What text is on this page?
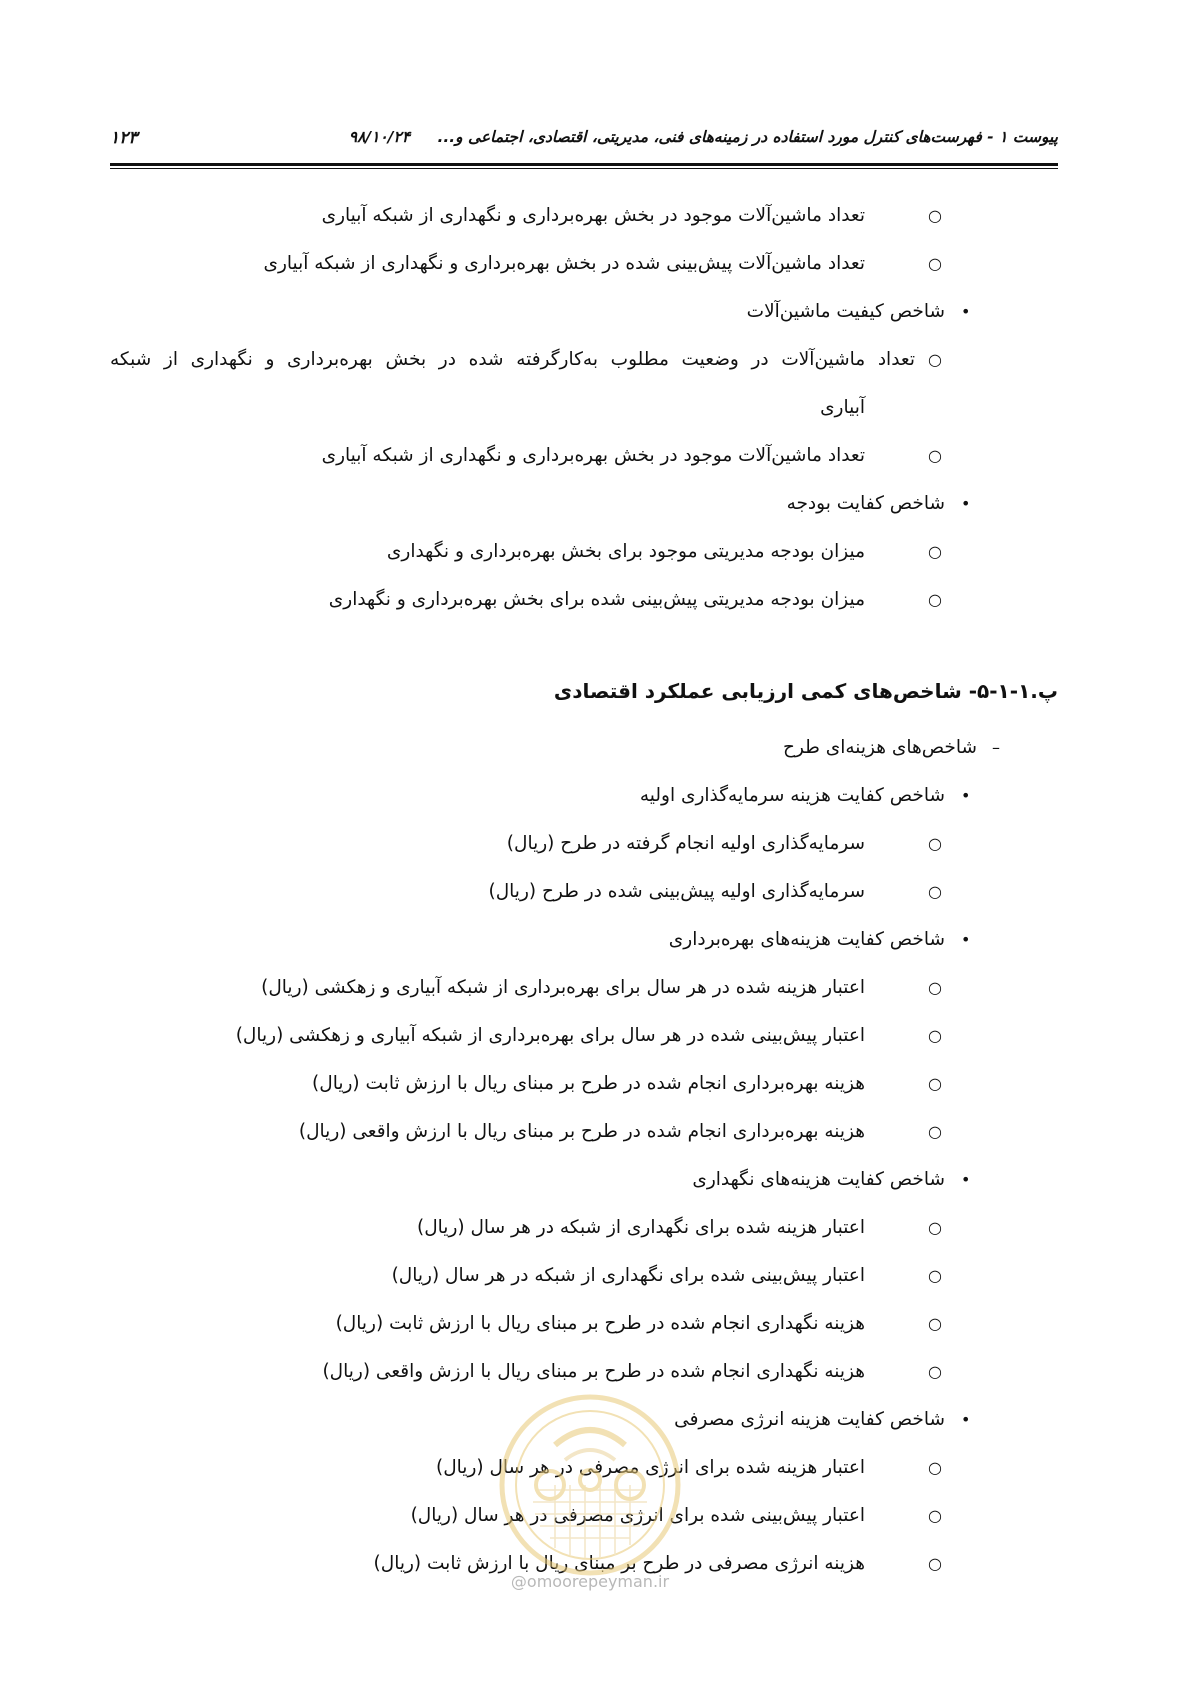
پیوست ۱ - فهرست‌های کنترل مورد استفاده در زمینه‌های فنی، مدیریتی، اقتصادی، اجتماعی و... ۹۸/۱۰/۲۴
۱۲۳
تعداد ماشین‌آلات موجود در بخش بهره‌برداری و نگهداری از شبکه آبیاری	○
تعداد ماشین‌آلات پیش‌بینی شده در بخش بهره‌برداری و نگهداری از شبکه آبیاری	○
شاخص کیفیت ماشین‌آلات •
تعداد ماشین‌آلات در وضعیت مطلوب به‌کارگرفته شده در بخش بهره‌برداری و نگهداری از شبکه ○
آبیاری
تعداد ماشین‌آلات موجود در بخش بهره‌برداری و نگهداری از شبکه آبیاری	○
شاخص کفایت بودجه •
میزان بودجه مدیریتی موجود برای بخش بهره‌برداری و نگهداری	○
میزان بودجه مدیریتی پیش‌بینی شده برای بخش بهره‌برداری و نگهداری	○
پ.۱-۱-۵- شاخص‌های کمی ارزیابی عملکرد اقتصادی
شاخص‌های هزینه‌ای طرح –
شاخص کفایت هزینه سرمایه‌گذاری اولیه •
سرمایه‌گذاری اولیه انجام گرفته در طرح (ریال)	○
سرمایه‌گذاری اولیه پیش‌بینی شده در طرح (ریال)	○
شاخص کفایت هزینه‌های بهره‌برداری •
اعتبار هزینه شده در هر سال برای بهره‌برداری از شبکه آبیاری و زهکشی (ریال)	○
اعتبار پیش‌بینی شده در هر سال برای بهره‌برداری از شبکه آبیاری و زهکشی (ریال)	○
هزینه بهره‌برداری انجام شده در طرح بر مبنای ریال با ارزش ثابت (ریال)	○
هزینه بهره‌برداری انجام شده در طرح بر مبنای ریال با ارزش واقعی (ریال)	○
شاخص کفایت هزینه‌های نگهداری •
اعتبار هزینه شده برای نگهداری از شبکه در هر سال (ریال)	○
اعتبار پیش‌بینی شده برای نگهداری از شبکه در هر سال (ریال)	○
هزینه نگهداری انجام شده در طرح بر مبنای ریال با ارزش ثابت (ریال)	○
هزینه نگهداری انجام شده در طرح بر مبنای ریال با ارزش واقعی (ریال)	○
شاخص کفایت هزینه انرژی مصرفی •
اعتبار هزینه شده برای انرژی مصرفی در هر سال (ریال)	○
اعتبار پیش‌بینی شده برای انرژی مصرفی در هر سال (ریال)	○
هزینه انرژی مصرفی در طرح بر مبنای ریال با ارزش ثابت (ریال)	○
@omoorepeyman.ir
